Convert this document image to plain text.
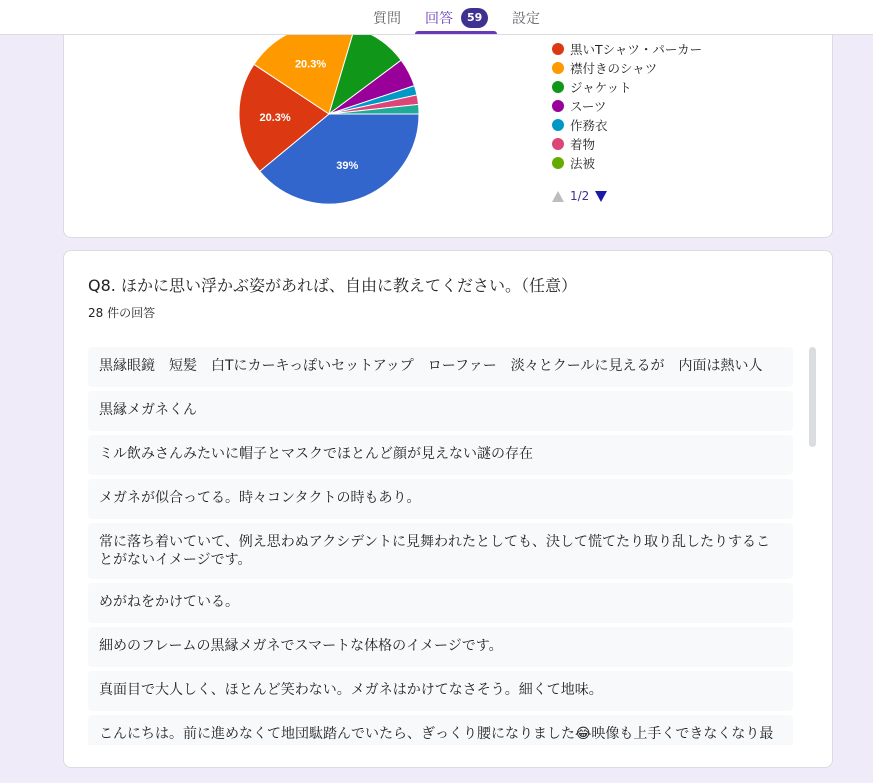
質問 回答	59	設定
39%
20.3%
20.3%
黒いTシャツ・パーカー
襟付きのシャツ
ジャケット
スーツ
作務衣
着物
法被
1/2
Q8. ほかに思い浮かぶ姿があれば、自由に教えてください。（任意）
28 件の回答
黒縁眼鏡　短髪　白Tにカーキっぽいセットアップ　ローファー　淡々とクールに見えるが　内面は熱い人
黒縁メガネくん
ミル飲みさんみたいに帽子とマスクでほとんど顔が見えない謎の存在
メガネが似合ってる。時々コンタクトの時もあり。
常に落ち着いていて、例え思わぬアクシデントに見舞われたとしても、決して慌てたり取り乱したりすることがないイメージです。
めがねをかけている。
細めのフレームの黒縁メガネでスマートな体格のイメージです。
真面目で大人しく、ほとんど笑わない。メガネはかけてなさそう。細くて地味。
こんにちは。前に進めなくて地団駄踏んでいたら、ぎっくり腰になりました😂映像も上手くできなくなり最
